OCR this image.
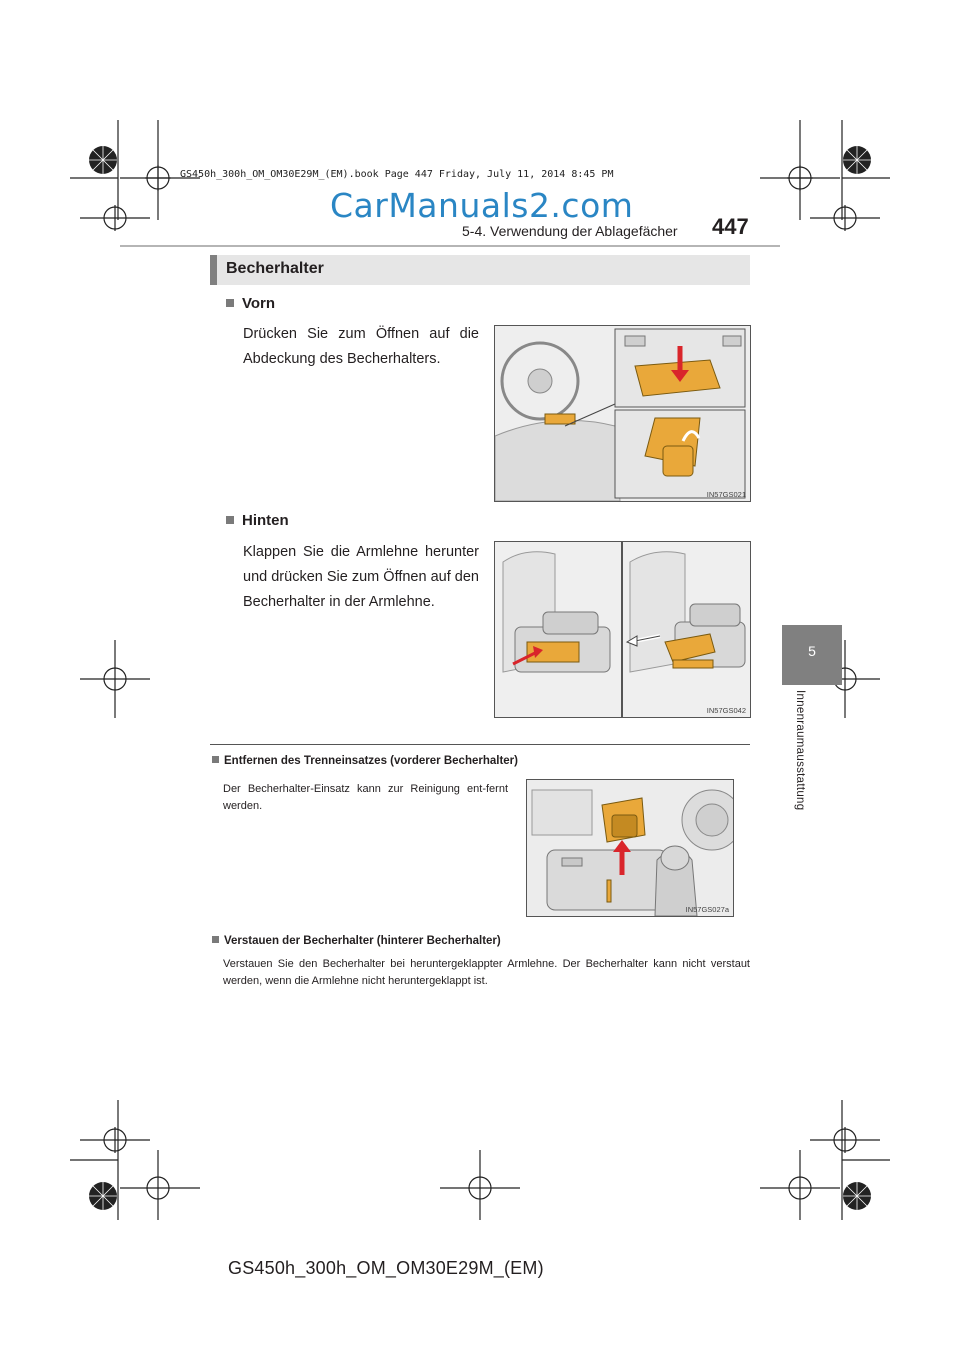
GS450h_300h_OM_OM30E29M_(EM).book Page 447 Friday, July 11, 2014 8:45 PM
CarManuals2.com
5-4. Verwendung der Ablagefächer 447
5
Innenraumausstattung
Becherhalter
Vorn
Drücken Sie zum Öffnen auf die Abdeckung des Becherhalters.
IN57GS021
Hinten
Klappen Sie die Armlehne herunter und drücken Sie zum Öffnen auf den Becherhalter in der Armlehne.
IN57GS042
Entfernen des Trenneinsatzes (vorderer Becherhalter)
Der Becherhalter-Einsatz kann zur Reinigung ent-fernt werden.
IN57GS027a
Verstauen der Becherhalter (hinterer Becherhalter)
Verstauen Sie den Becherhalter bei heruntergeklappter Armlehne. Der Becherhalter kann nicht verstaut werden, wenn die Armlehne nicht heruntergeklappt ist.
GS450h_300h_OM_OM30E29M_(EM)
